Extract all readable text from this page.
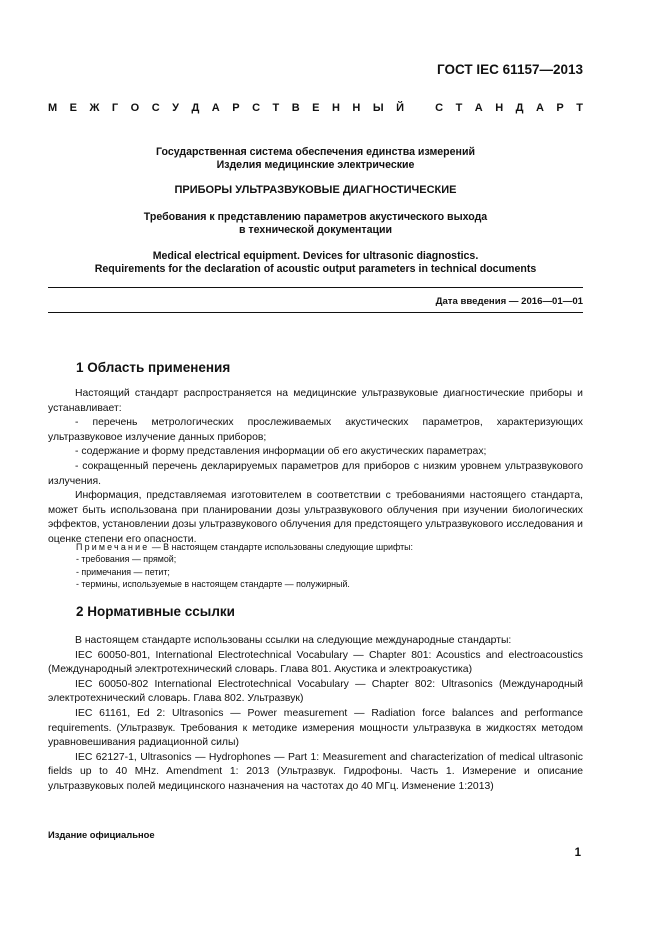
ГОСТ IEC 61157—2013
М Е Ж Г О С У Д А Р С Т В Е Н Н Ы Й
	С Т А Н Д А Р Т
Государственная система обеспечения единства измерений
Изделия медицинские электрические
ПРИБОРЫ УЛЬТРАЗВУКОВЫЕ ДИАГНОСТИЧЕСКИЕ
Требования к представлению параметров акустического выхода
в технической документации
Medical electrical equipment. Devices for ultrasonic diagnostics.
Requirements for the declaration of acoustic output parameters in technical documents
Дата введения — 2016—01—01
1 Область применения

Настоящий стандарт распространяется на медицинские ультразвуковые диагностические приборы и устанавливает:

- перечень метрологических прослеживаемых акустических параметров, характеризующих ультразвуковое излучение данных приборов;

- содержание и форму представления информации об его акустических параметрах;

- сокращенный перечень декларируемых параметров для приборов с низким уровнем ультразвукового излучения.

Информация, представляемая изготовителем в соответствии с требованиями настоящего стандарта, может быть использована при планировании дозы ультразвукового облучения при изучении биологических эффектов, установлении дозы ультразвукового облучения для предстоящего ультразвукового исследования и оценке степени его опасности.

Примечание — В настоящем стандарте использованы следующие шрифты:

- требования — прямой;

- примечания — петит;

- термины, используемые в настоящем стандарте — полужирный.

2 Нормативные ссылки

В настоящем стандарте использованы ссылки на следующие международные стандарты:

IEC 60050-801, International Electrotechnical Vocabulary — Chapter 801: Acoustics and electroacoustics (Международный электротехнический словарь. Глава 801. Акустика и электроакустика)

IEC 60050-802 International Electrotechnical Vocabulary — Chapter 802: Ultrasonics (Международный электротехнический словарь. Глава 802. Ультразвук)

IEC 61161, Ed 2: Ultrasonics — Power measurement — Radiation force balances and performance requirements. (Ультразвук. Требования к методике измерения мощности ультразвука в жидкостях методом уравновешивания радиационной силы)

IEC 62127-1, Ultrasonics — Hydrophones — Part 1: Measurement and characterization of medical ultrasonic fields up to 40 MHz. Amendment 1: 2013 (Ультразвук. Гидрофоны. Часть 1. Измерение и описание ультразвуковых полей медицинского назначения на частотах до 40 МГц. Изменение 1:2013)

Издание официальное
1
